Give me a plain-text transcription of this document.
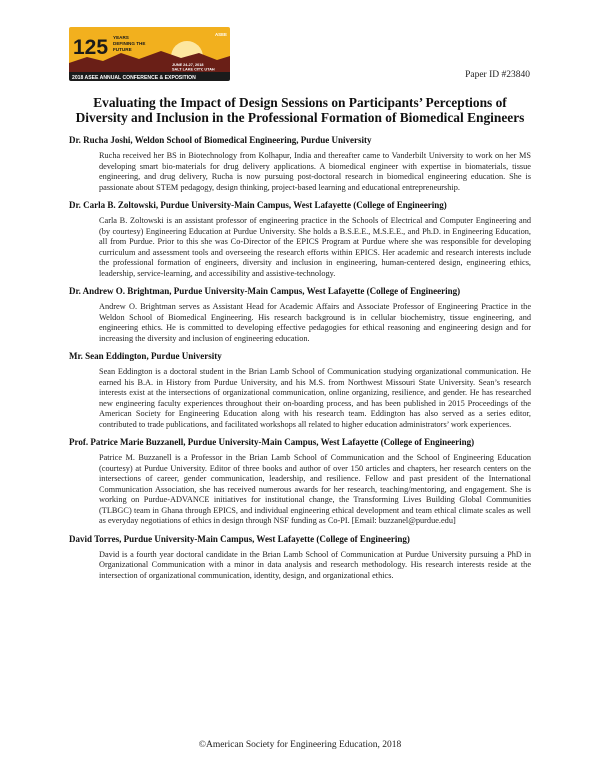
125 YEARS
DEFINING THE
FUTURE
JUNE 24-27, 2018
SALT LAKE CITY, UTAH
ASEE
2018 ASEE ANNUAL CONFERENCE & EXPOSITION	Paper ID #23840
Evaluating the Impact of Design Sessions on Participants’ Perceptions of Diversity and Inclusion in the Professional Formation of Biomedical Engineers
Dr. Rucha Joshi, Weldon School of Biomedical Engineering, Purdue University
Rucha received her BS in Biotechnology from Kolhapur, India and thereafter came to Vanderbilt University to work on her MS developing smart bio-materials for drug delivery applications. A biomedical engineer with expertise in biomaterials, tissue engineering, and drug delivery, Rucha is now pursuing post-doctoral research in biomedical engineering education. She is passionate about STEM pedagogy, design thinking, project-based learning and educational entrepreneurship.
Dr. Carla B. Zoltowski, Purdue University-Main Campus, West Lafayette (College of Engineering)
Carla B. Zoltowski is an assistant professor of engineering practice in the Schools of Electrical and Computer Engineering and (by courtesy) Engineering Education at Purdue University. She holds a B.S.E.E., M.S.E.E., and Ph.D. in Engineering Education, all from Purdue. Prior to this she was Co-Director of the EPICS Program at Purdue where she was responsible for developing curriculum and assessment tools and overseeing the research efforts within EPICS. Her academic and research interests include the professional formation of engineers, diversity and inclusion in engineering, human-centered design, engineering ethics, leadership, service-learning, and accessibility and assistive-technology.
Dr. Andrew O. Brightman, Purdue University-Main Campus, West Lafayette (College of Engineering)
Andrew O. Brightman serves as Assistant Head for Academic Affairs and Associate Professor of Engineering Practice in the Weldon School of Biomedical Engineering. His research background is in cellular biochemistry, tissue engineering, and engineering ethics. He is committed to developing effective pedagogies for ethical reasoning and engineering design and for increasing the diversity and inclusion of engineering education.
Mr. Sean Eddington, Purdue University
Sean Eddington is a doctoral student in the Brian Lamb School of Communication studying organizational communication. He earned his B.A. in History from Purdue University, and his M.S. from Northwest Missouri State University. Sean’s research interests exist at the intersections of organizational communication, online organizing, resilience, and gender. He has researched new engineering faculty experiences throughout their on-boarding process, and has been published in 2015 Proceedings of the American Society for Engineering Education along with his research team. Eddington has also served as a series editor, contributed to trade publications, and facilitated workshops all related to higher education administrators’ work experiences.
Prof. Patrice Marie Buzzanell, Purdue University-Main Campus, West Lafayette (College of Engineering)
Patrice M. Buzzanell is a Professor in the Brian Lamb School of Communication and the School of Engineering Education (courtesy) at Purdue University. Editor of three books and author of over 150 articles and chapters, her research centers on the intersections of career, gender communication, leadership, and resilience. Fellow and past president of the International Communication Association, she has received numerous awards for her research, teaching/mentoring, and engagement. She is working on Purdue-ADVANCE initiatives for institutional change, the Transforming Lives Building Global Communities (TLBGC) team in Ghana through EPICS, and individual engineering ethical development and team ethical climate scales as well as everyday negotiations of ethics in design through NSF funding as Co-PI. [Email: buzzanel@purdue.edu]
David Torres, Purdue University-Main Campus, West Lafayette (College of Engineering)
David is a fourth year doctoral candidate in the Brian Lamb School of Communication at Purdue University pursuing a PhD in Organizational Communication with a minor in data analysis and research methodology. His research interests reside at the intersection of organizational communication, identity, design, and organizational ethics.
©American Society for Engineering Education, 2018
